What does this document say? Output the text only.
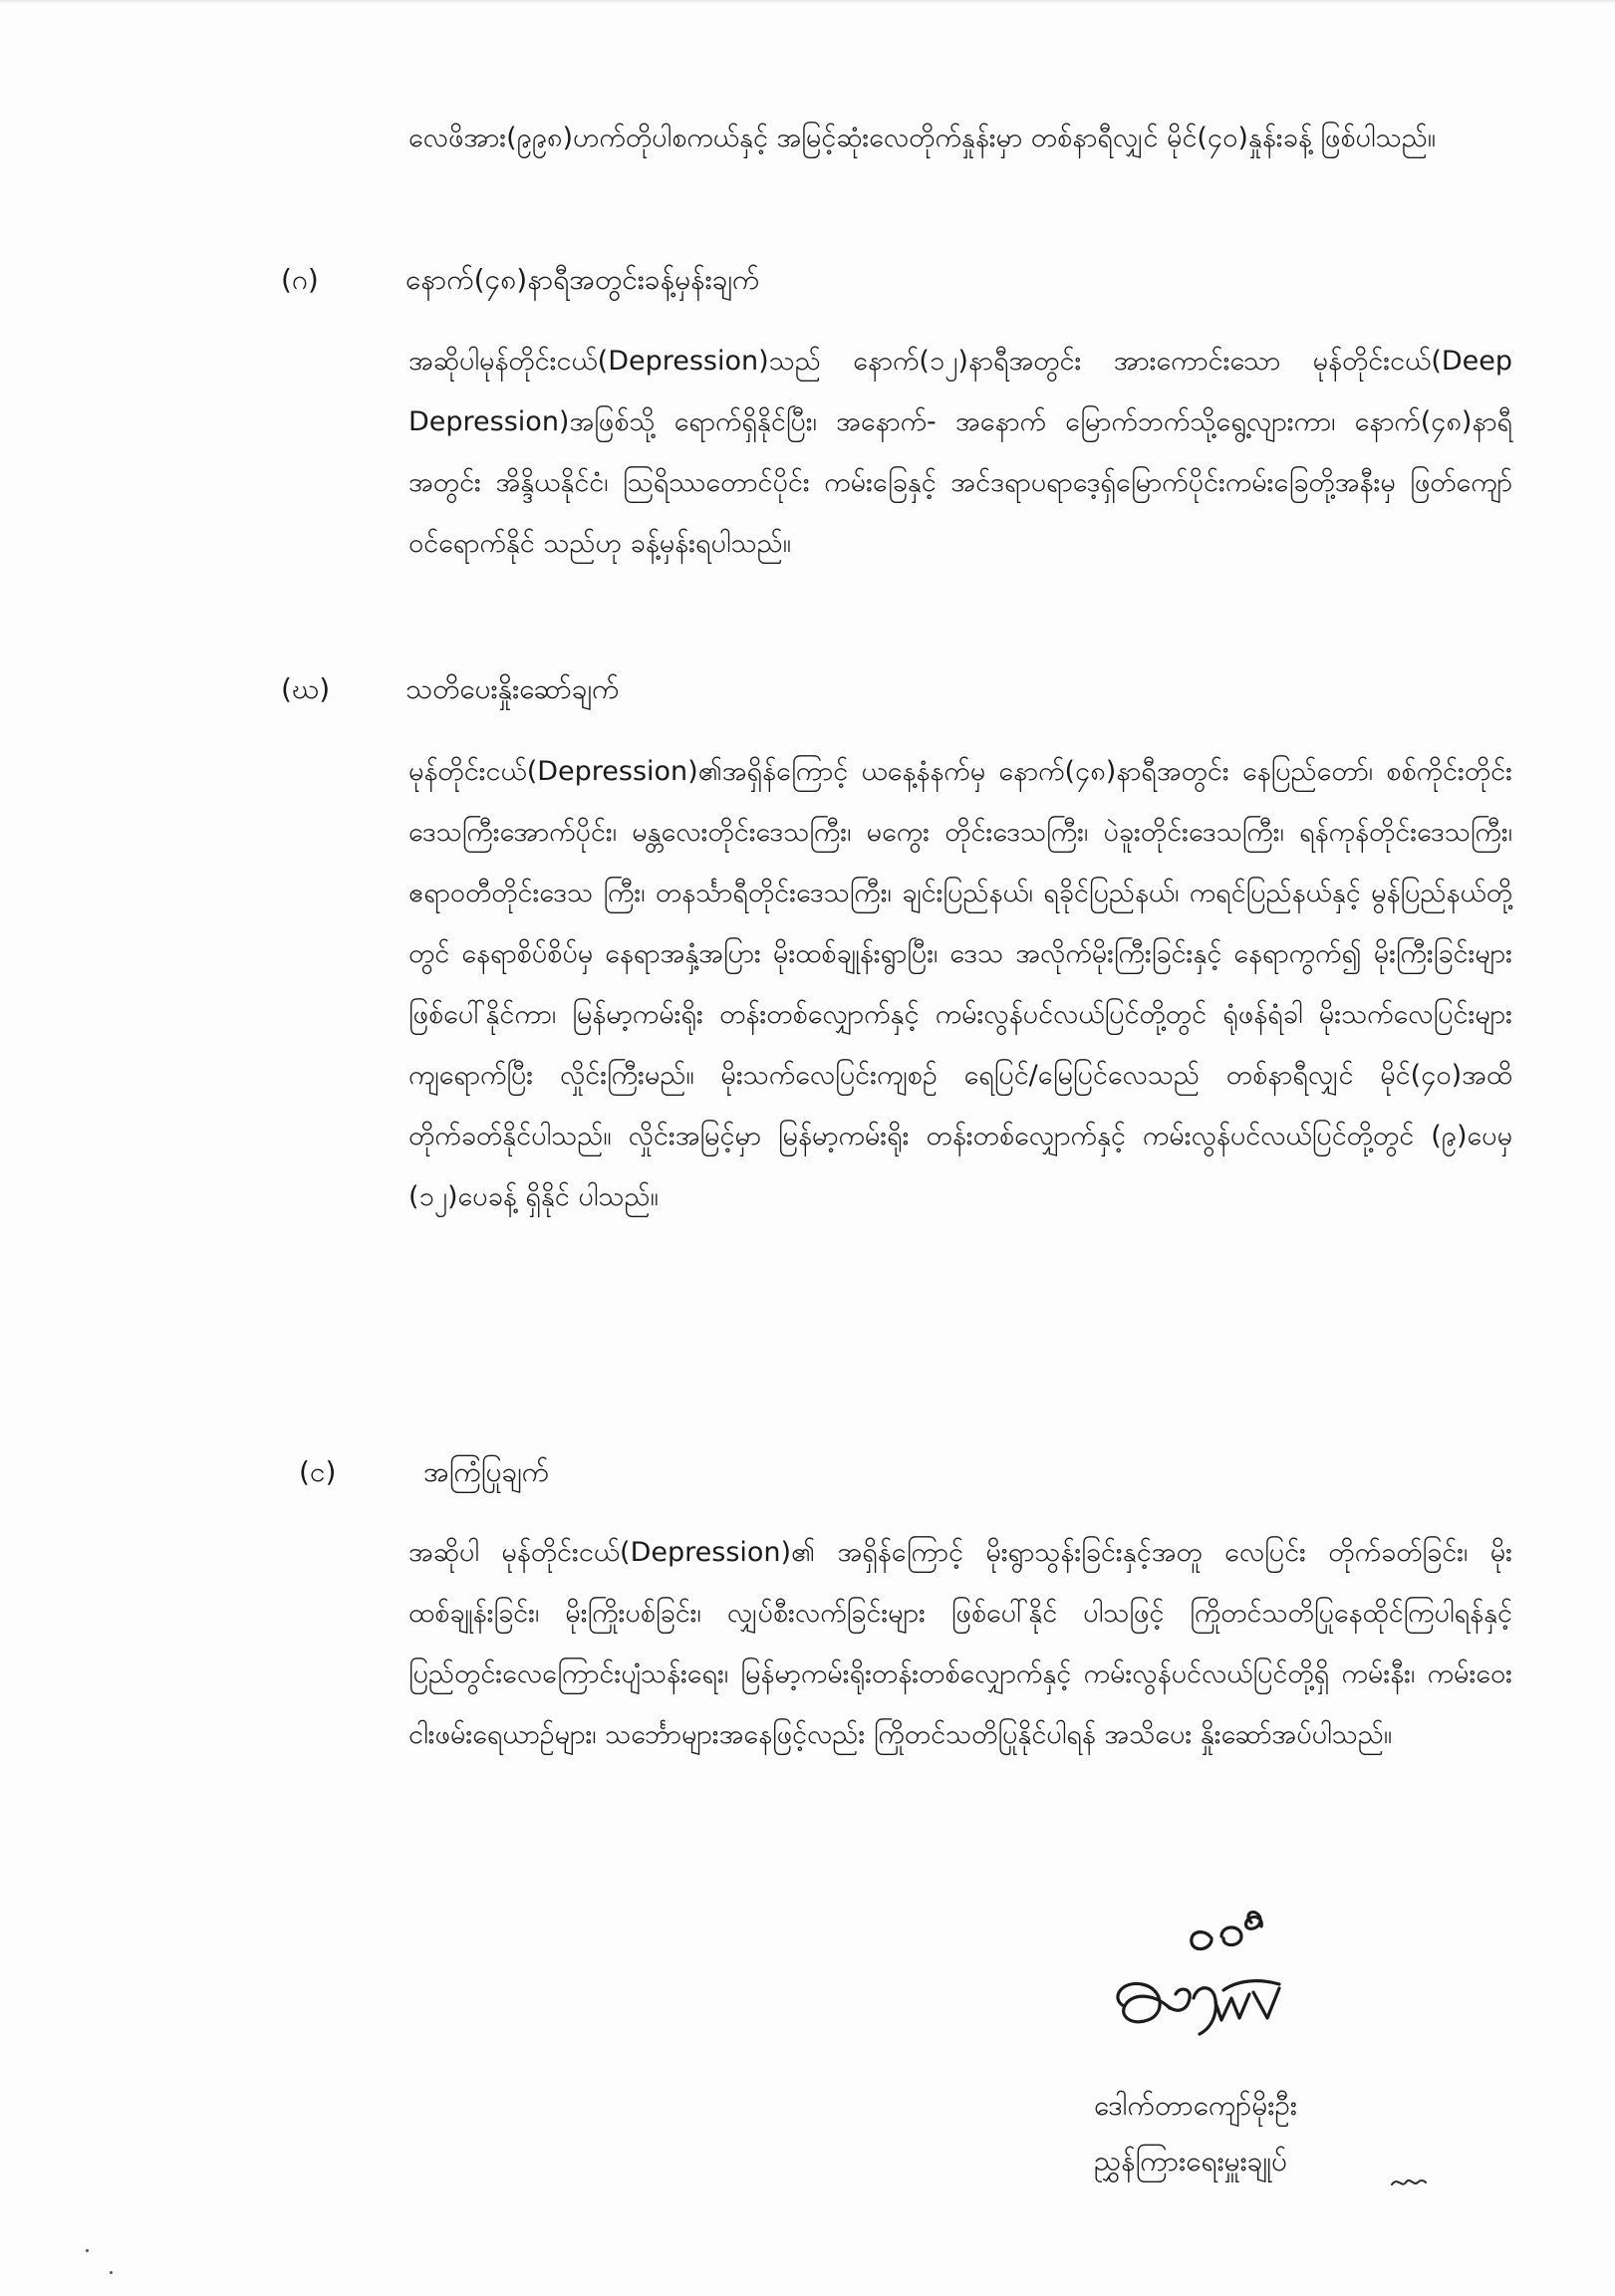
လေဖိအား(၉၉၈)ဟက်တိုပါစကယ်နှင့် အမြင့်ဆုံးလေတိုက်နှုန်းမှာ တစ်နာရီလျှင် မိုင်(၄၀)နှုန်းခန့် ဖြစ်ပါသည်။

(ဂ)	နောက်(၄၈)နာရီအတွင်းခန့်မှန်းချက်

အဆိုပါမုန်တိုင်းငယ်(Depression)သည် နောက်(၁၂)နာရီအတွင်း အားကောင်းသော မုန်တိုင်းငယ်(Deep Depression)အဖြစ်သို့ ရောက်ရှိနိုင်ပြီး၊ အနောက်- အနောက် မြောက်ဘက်သို့ရွေ့လျားကာ၊ နောက်(၄၈)နာရီအတွင်း အိန္ဒိယနိုင်ငံ၊ ဩရိဿတောင်ပိုင်း ကမ်းခြေနှင့် အင်ဒရာပရာဒေ့ရှ်မြောက်ပိုင်းကမ်းခြေတို့အနီးမှ ဖြတ်ကျော်ဝင်ရောက်နိုင် သည်ဟု ခန့်မှန်းရပါသည်။

(ဃ)	သတိပေးနှိုးဆော်ချက်

မုန်တိုင်းငယ်(Depression)၏အရှိန်ကြောင့် ယနေ့နံနက်မှ နောက်(၄၈)နာရီအတွင်း နေပြည်တော်၊ စစ်ကိုင်းတိုင်းဒေသကြီးအောက်ပိုင်း၊ မန္တလေးတိုင်းဒေသကြီး၊ မကွေး တိုင်းဒေသကြီး၊ ပဲခူးတိုင်းဒေသကြီး၊ ရန်ကုန်တိုင်းဒေသကြီး၊ ဧရာဝတီတိုင်းဒေသ ကြီး၊ တနင်္သာရီတိုင်းဒေသကြီး၊ ချင်းပြည်နယ်၊ ရခိုင်ပြည်နယ်၊ ကရင်ပြည်နယ်နှင့် မွန်ပြည်နယ်တို့တွင် နေရာစိပ်စိပ်မှ နေရာအနှံ့အပြား မိုးထစ်ချုန်းရွာပြီး၊ ဒေသ အလိုက်မိုးကြီးခြင်းနှင့် နေရာကွက်၍ မိုးကြီးခြင်းများ ဖြစ်ပေါ်နိုင်ကာ၊ မြန်မာ့ကမ်းရိုး တန်းတစ်လျှောက်နှင့် ကမ်းလွန်ပင်လယ်ပြင်တို့တွင် ရုံဖန်ရံခါ မိုးသက်လေပြင်းများ ကျရောက်ပြီး လှိုင်းကြီးမည်။ မိုးသက်လေပြင်းကျစဉ် ရေပြင်/မြေပြင်လေသည် တစ်နာရီလျှင် မိုင်(၄၀)အထိ တိုက်ခတ်နိုင်ပါသည်။ လှိုင်းအမြင့်မှာ မြန်မာ့ကမ်းရိုး တန်းတစ်လျှောက်နှင့် ကမ်းလွန်ပင်လယ်ပြင်တို့တွင် (၉)ပေမှ (၁၂)ပေခန့် ရှိနိုင် ပါသည်။

(င)	အကြံပြုချက်

အဆိုပါ မုန်တိုင်းငယ်(Depression)၏ အရှိန်ကြောင့် မိုးရွာသွန်းခြင်းနှင့်အတူ လေပြင်း တိုက်ခတ်ခြင်း၊ မိုးထစ်ချုန်းခြင်း၊ မိုးကြိုးပစ်ခြင်း၊ လျှပ်စီးလက်ခြင်းများ ဖြစ်ပေါ်နိုင် ပါသဖြင့် ကြိုတင်သတိပြုနေထိုင်ကြပါရန်နှင့် ပြည်တွင်းလေကြောင်းပျံသန်းရေး၊ မြန်မာ့ကမ်းရိုးတန်းတစ်လျှောက်နှင့် ကမ်းလွန်ပင်လယ်ပြင်တို့ရှိ ကမ်းနီး၊ ကမ်းဝေး ငါးဖမ်းရေယာဉ်များ၊ သင်္ဘောများအနေဖြင့်လည်း ကြိုတင်သတိပြုနိုင်ပါရန် အသိပေး နှိုးဆော်အပ်ပါသည်။

ဒေါက်တာကျော်မိုးဦး
ညွှန်ကြားရေးမှူးချုပ်
